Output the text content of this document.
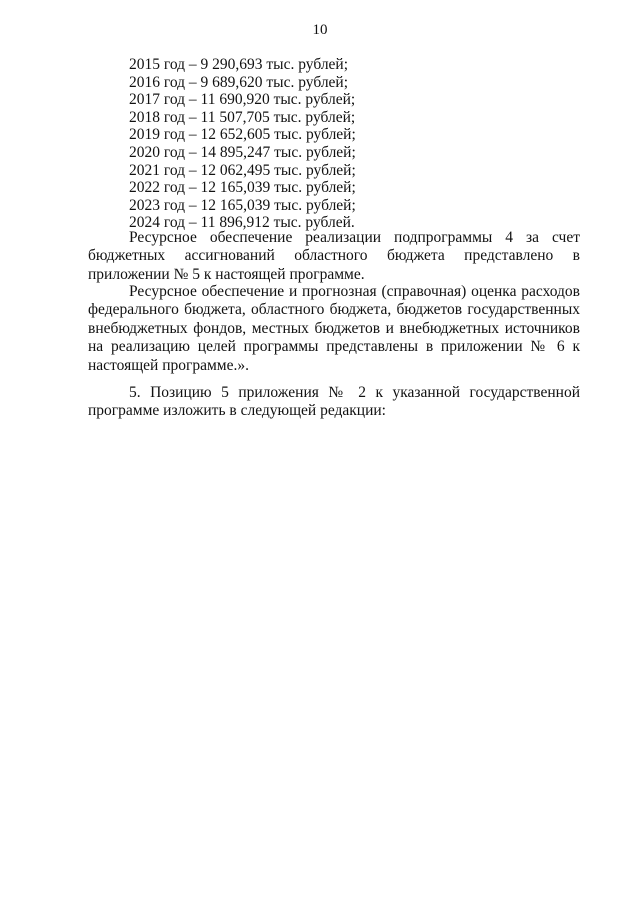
10
2015 год – 9 290,693 тыс. рублей;
2016 год – 9 689,620 тыс. рублей;
2017 год – 11 690,920 тыс. рублей;
2018 год – 11 507,705 тыс. рублей;
2019 год – 12 652,605 тыс. рублей;
2020 год – 14 895,247 тыс. рублей;
2021 год – 12 062,495 тыс. рублей;
2022 год – 12 165,039 тыс. рублей;
2023 год – 12 165,039 тыс. рублей;
2024 год – 11 896,912 тыс. рублей.

Ресурсное обеспечение реализации подпрограммы 4 за счет бюджетных ассигнований областного бюджета представлено в приложении № 5 к настоящей программе.

Ресурсное обеспечение и прогнозная (справочная) оценка расходов федерального бюджета, областного бюджета, бюджетов государственных внебюджетных фондов, местных бюджетов и внебюджетных источников на реализацию целей программы представлены в приложении № 6 к настоящей программе.».

5. Позицию 5 приложения № 2 к указанной государственной программе изложить в следующей редакции:
